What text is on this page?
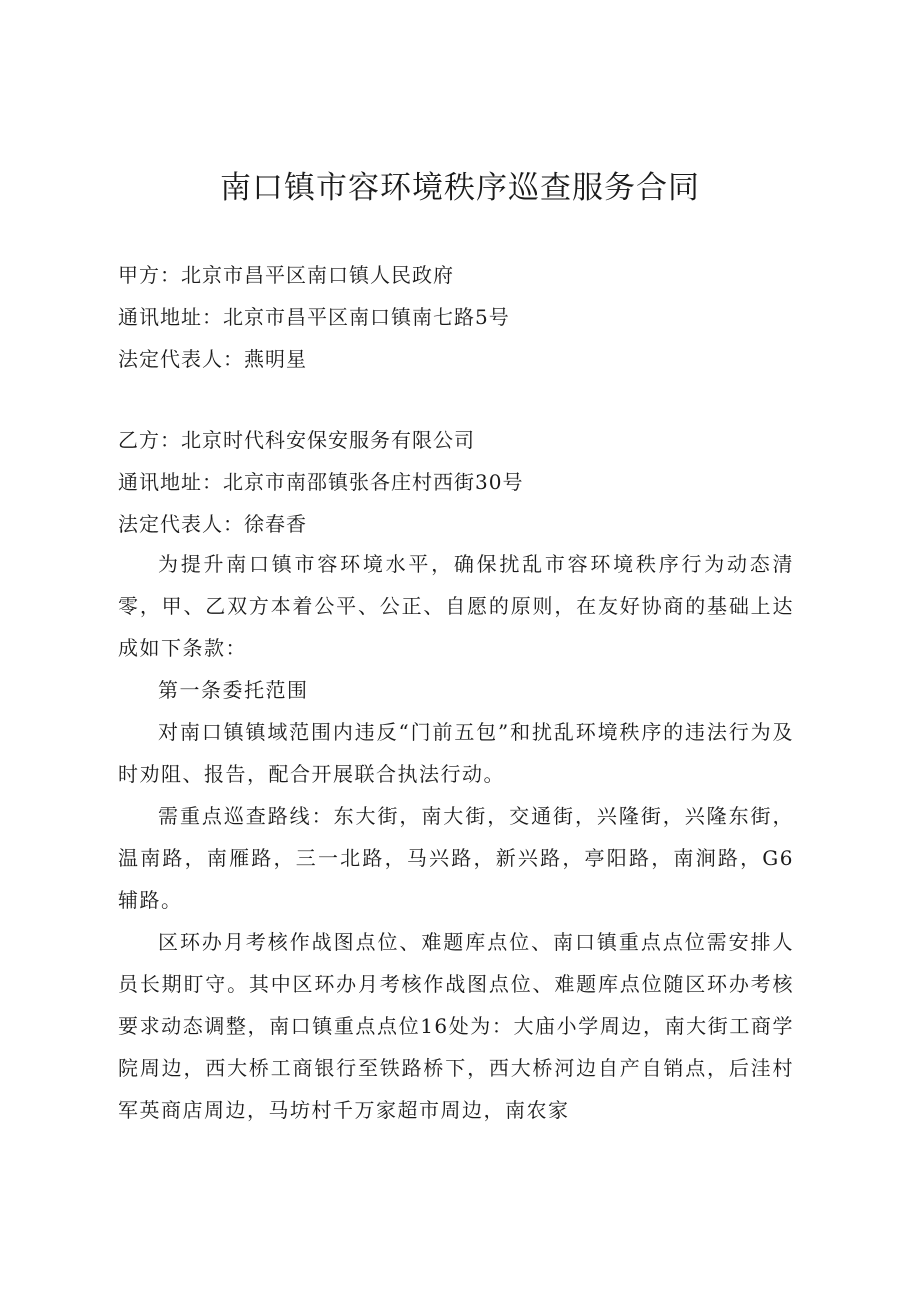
南口镇市容环境秩序巡查服务合同
甲方：北京市昌平区南口镇人民政府
通讯地址：北京市昌平区南口镇南七路5号
法定代表人：燕明星
乙方：北京时代科安保安服务有限公司
通讯地址：北京市南邵镇张各庄村西街30号
法定代表人：徐春香

为提升南口镇市容环境水平，确保扰乱市容环境秩序行为动态清零，甲、乙双方本着公平、公正、自愿的原则，在友好协商的基础上达成如下条款：

第一条委托范围

对南口镇镇域范围内违反“门前五包”和扰乱环境秩序的违法行为及时劝阻、报告，配合开展联合执法行动。

需重点巡查路线：东大街，南大街，交通街，兴隆街，兴隆东街，温南路，南雁路，三一北路，马兴路，新兴路，亭阳路，南涧路，G6辅路。

区环办月考核作战图点位、难题库点位、南口镇重点点位需安排人员长期盯守。其中区环办月考核作战图点位、难题库点位随区环办考核要求动态调整，南口镇重点点位16处为：大庙小学周边，南大街工商学院周边，西大桥工商银行至铁路桥下，西大桥河边自产自销点，后洼村军英商店周边，马坊村千万家超市周边，南农家
